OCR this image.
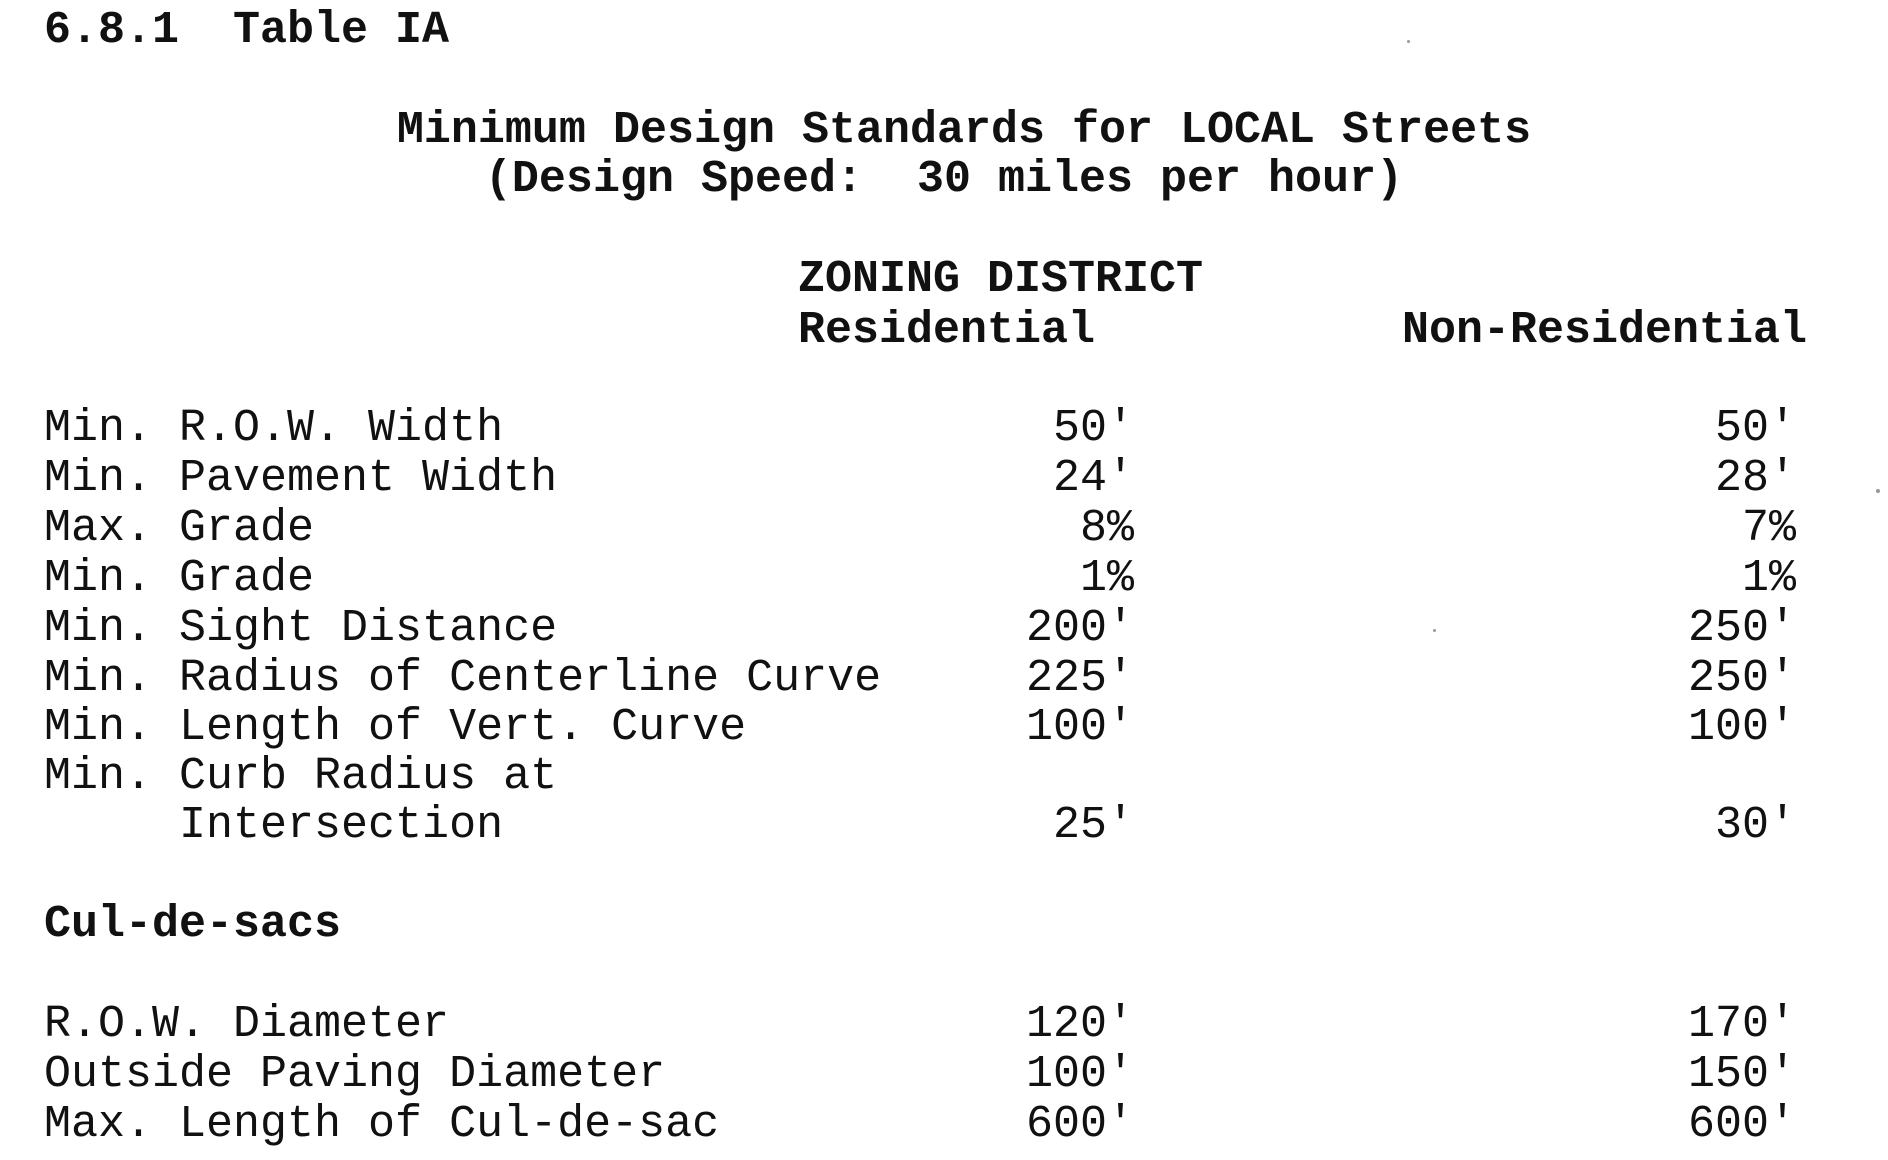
6.8.1  Table IA
Minimum Design Standards for LOCAL Streets
(Design Speed:  30 miles per hour)
ZONING DISTRICT
Residential	Non-Residential
Min. R.O.W. Width	50′	50′
Min. Pavement Width	24′	28′
Max. Grade	8%	7%
Min. Grade	1%	1%
Min. Sight Distance	200′	250′
Min. Radius of Centerline Curve	225′	250′
Min. Length of Vert. Curve	100′	100′
Min. Curb Radius at
Intersection	25′	30′
Cul-de-sacs
R.O.W. Diameter	120′	170′
Outside Paving Diameter	100′	150′
Max. Length of Cul-de-sac	600′	600′
